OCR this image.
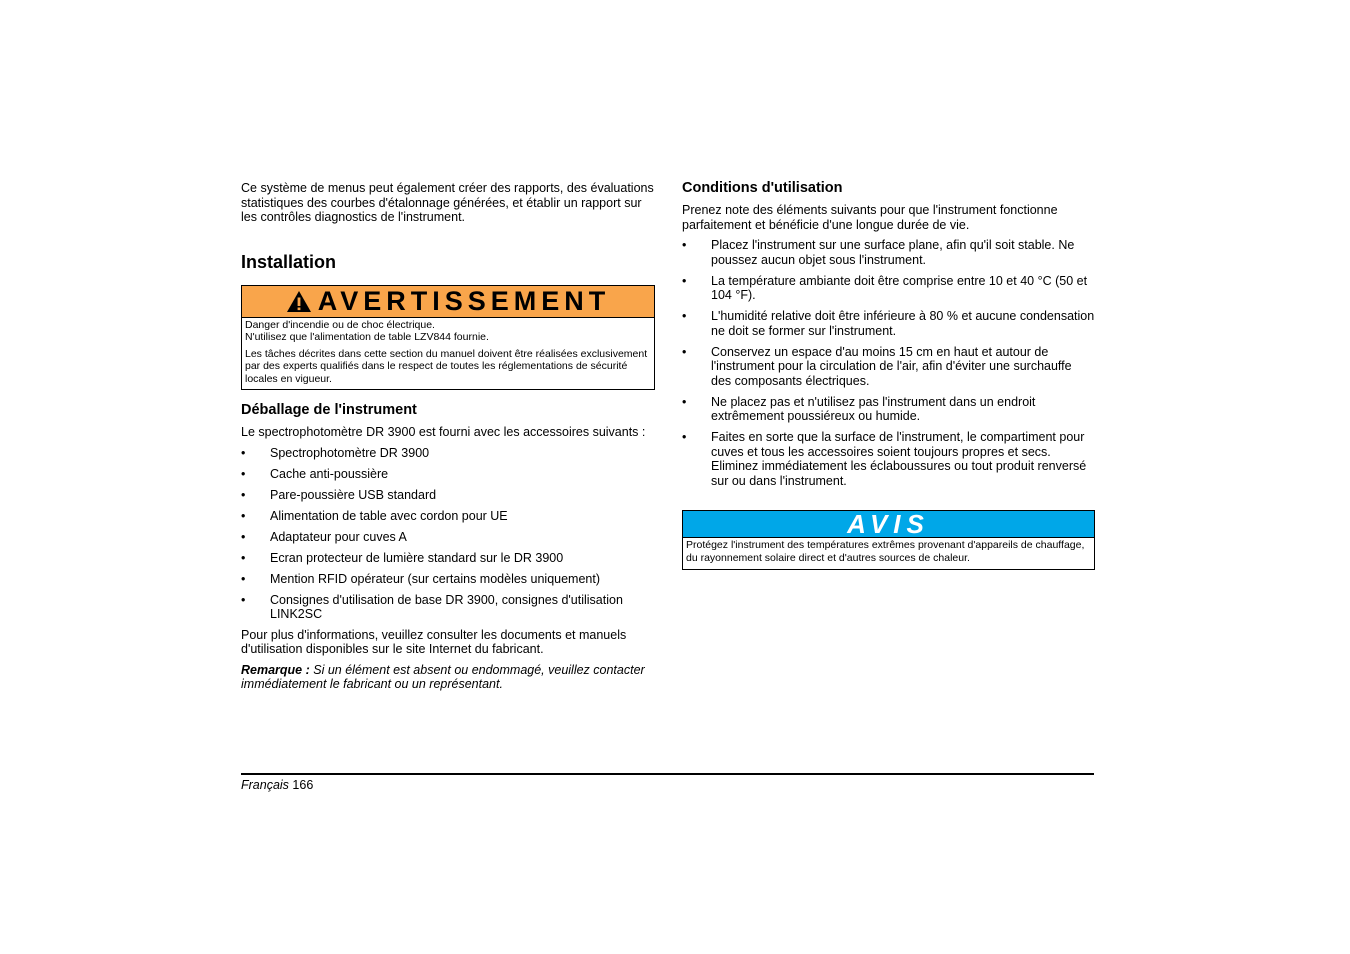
Ce système de menus peut également créer des rapports, des évaluations statistiques des courbes d'étalonnage générées, et établir un rapport sur les contrôles diagnostics de l'instrument.

Installation
AVERTISSEMENT

Danger d'incendie ou de choc électrique.
N'utilisez que l'alimentation de table LZV844 fournie.

Les tâches décrites dans cette section du manuel doivent être réalisées exclusivement par des experts qualifiés dans le respect de toutes les réglementations de sécurité locales en vigueur.

Déballage de l'instrument

Le spectrophotomètre DR 3900 est fourni avec les accessoires suivants :

• Spectrophotomètre DR 3900
• Cache anti-poussière
• Pare-poussière USB standard
• Alimentation de table avec cordon pour UE
• Adaptateur pour cuves A
• Ecran protecteur de lumière standard sur le DR 3900
• Mention RFID opérateur (sur certains modèles uniquement)
• Consignes d'utilisation de base DR 3900, consignes d'utilisation LINK2SC

Pour plus d'informations, veuillez consulter les documents et manuels d'utilisation disponibles sur le site Internet du fabricant.

Remarque : Si un élément est absent ou endommagé, veuillez contacter immédiatement le fabricant ou un représentant.

Conditions d'utilisation

Prenez note des éléments suivants pour que l'instrument fonctionne parfaitement et bénéficie d'une longue durée de vie.

• Placez l'instrument sur une surface plane, afin qu'il soit stable. Ne poussez aucun objet sous l'instrument.
• La température ambiante doit être comprise entre 10 et 40 °C (50 et 104 °F).
• L'humidité relative doit être inférieure à 80 % et aucune condensation ne doit se former sur l'instrument.
• Conservez un espace d'au moins 15 cm en haut et autour de l'instrument pour la circulation de l'air, afin d'éviter une surchauffe des composants électriques.
• Ne placez pas et n'utilisez pas l'instrument dans un endroit extrêmement poussiéreux ou humide.
• Faites en sorte que la surface de l'instrument, le compartiment pour cuves et tous les accessoires soient toujours propres et secs. Eliminez immédiatement les éclaboussures ou tout produit renversé sur ou dans l'instrument.
AVIS
Protégez l'instrument des températures extrêmes provenant d'appareils de chauffage, du rayonnement solaire direct et d'autres sources de chaleur.
Français 166
